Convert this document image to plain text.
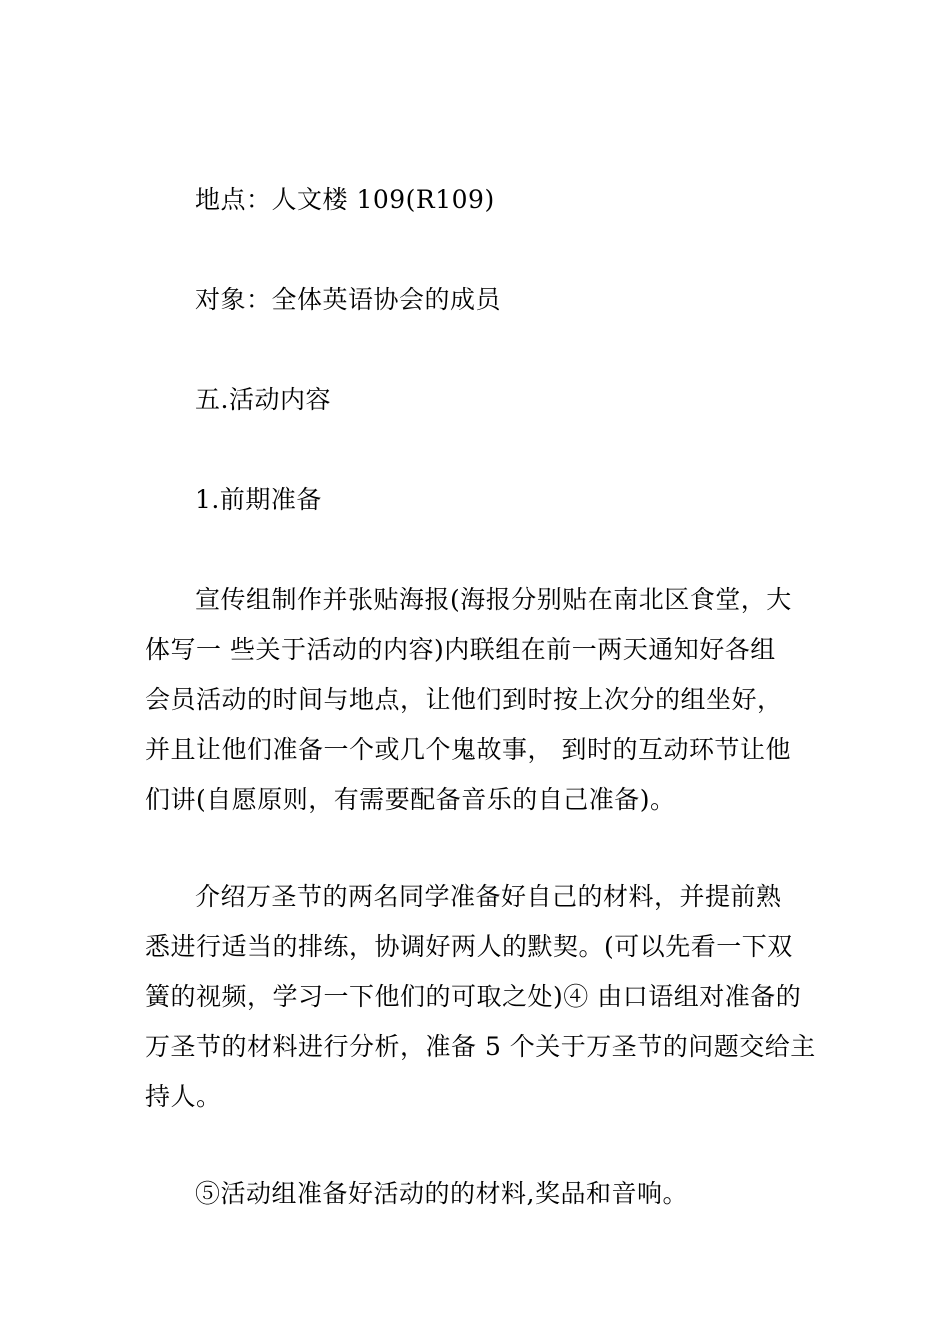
地点：人文楼 109(R109)
对象：全体英语协会的成员
五.活动内容
1.前期准备
宣传组制作并张贴海报(海报分别贴在南北区食堂，大
体写一 些关于活动的内容)内联组在前一两天通知好各组
会员活动的时间与地点，让他们到时按上次分的组坐好，
并且让他们准备一个或几个鬼故事， 到时的互动环节让他
们讲(自愿原则，有需要配备音乐的自己准备)。
介绍万圣节的两名同学准备好自己的材料，并提前熟
悉进行适当的排练，协调好两人的默契。(可以先看一下双
簧的视频，学习一下他们的可取之处)④ 由口语组对准备的
万圣节的材料进行分析，准备 5 个关于万圣节的问题交给主
持人。
⑤活动组准备好活动的的材料,奖品和音响。
